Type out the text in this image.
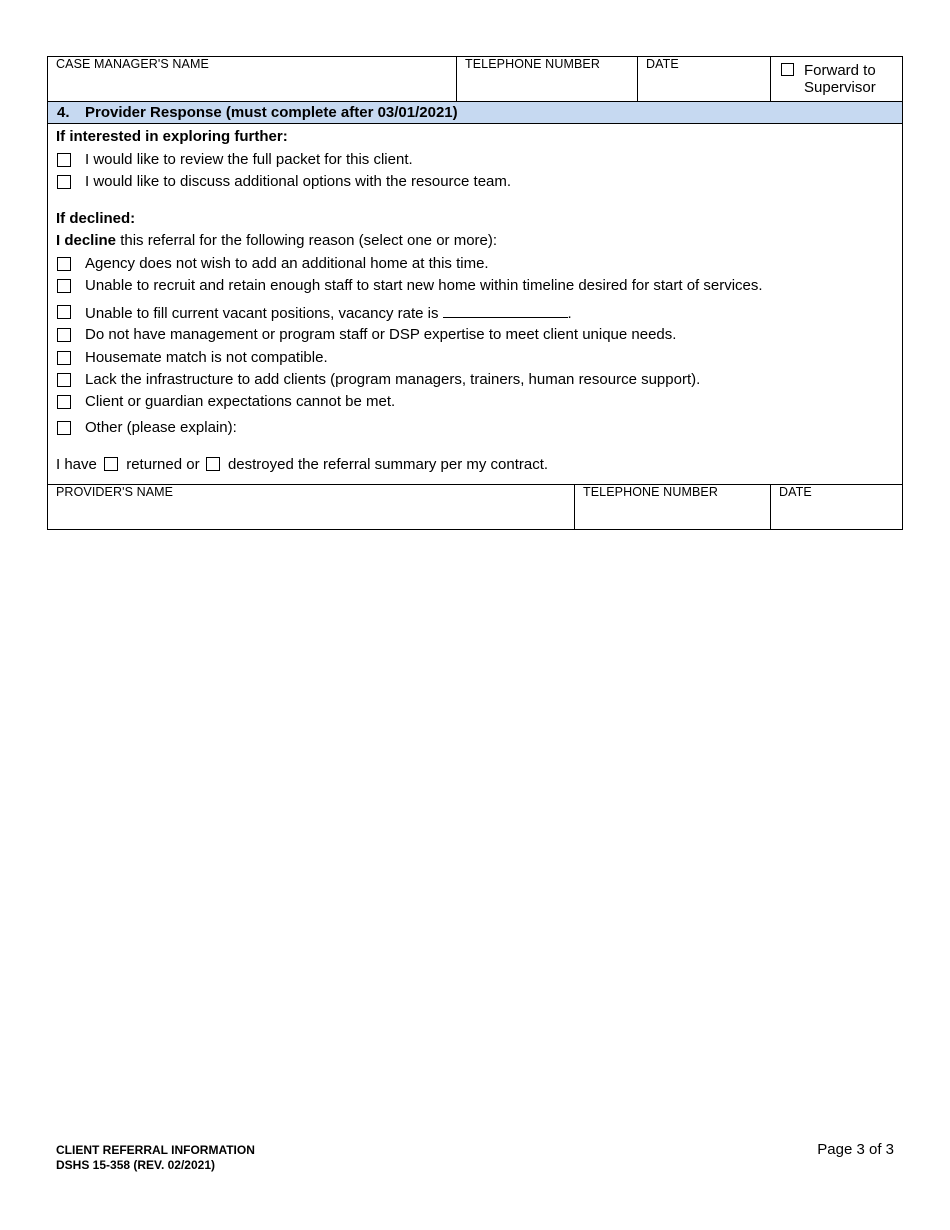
CASE MANAGER'S NAME	TELEPHONE NUMBER	DATE	Forward to Supervisor
4. Provider Response (must complete after 03/01/2021)
If interested in exploring further:
I would like to review the full packet for this client.
I would like to discuss additional options with the resource team.
If declined:
I decline this referral for the following reason (select one or more):
Agency does not wish to add an additional home at this time.
Unable to recruit and retain enough staff to start new home within timeline desired for start of services.
Unable to fill current vacant positions, vacancy rate is	.
Do not have management or program staff or DSP expertise to meet client unique needs.
Housemate match is not compatible.
Lack the infrastructure to add clients (program managers, trainers, human resource support).
Client or guardian expectations cannot be met.
Other (please explain):
I have returned or destroyed the referral summary per my contract.
PROVIDER'S NAME	TELEPHONE NUMBER	DATE
CLIENT REFERRAL INFORMATION
DSHS 15-358 (REV. 02/2021)
Page 3 of 3
